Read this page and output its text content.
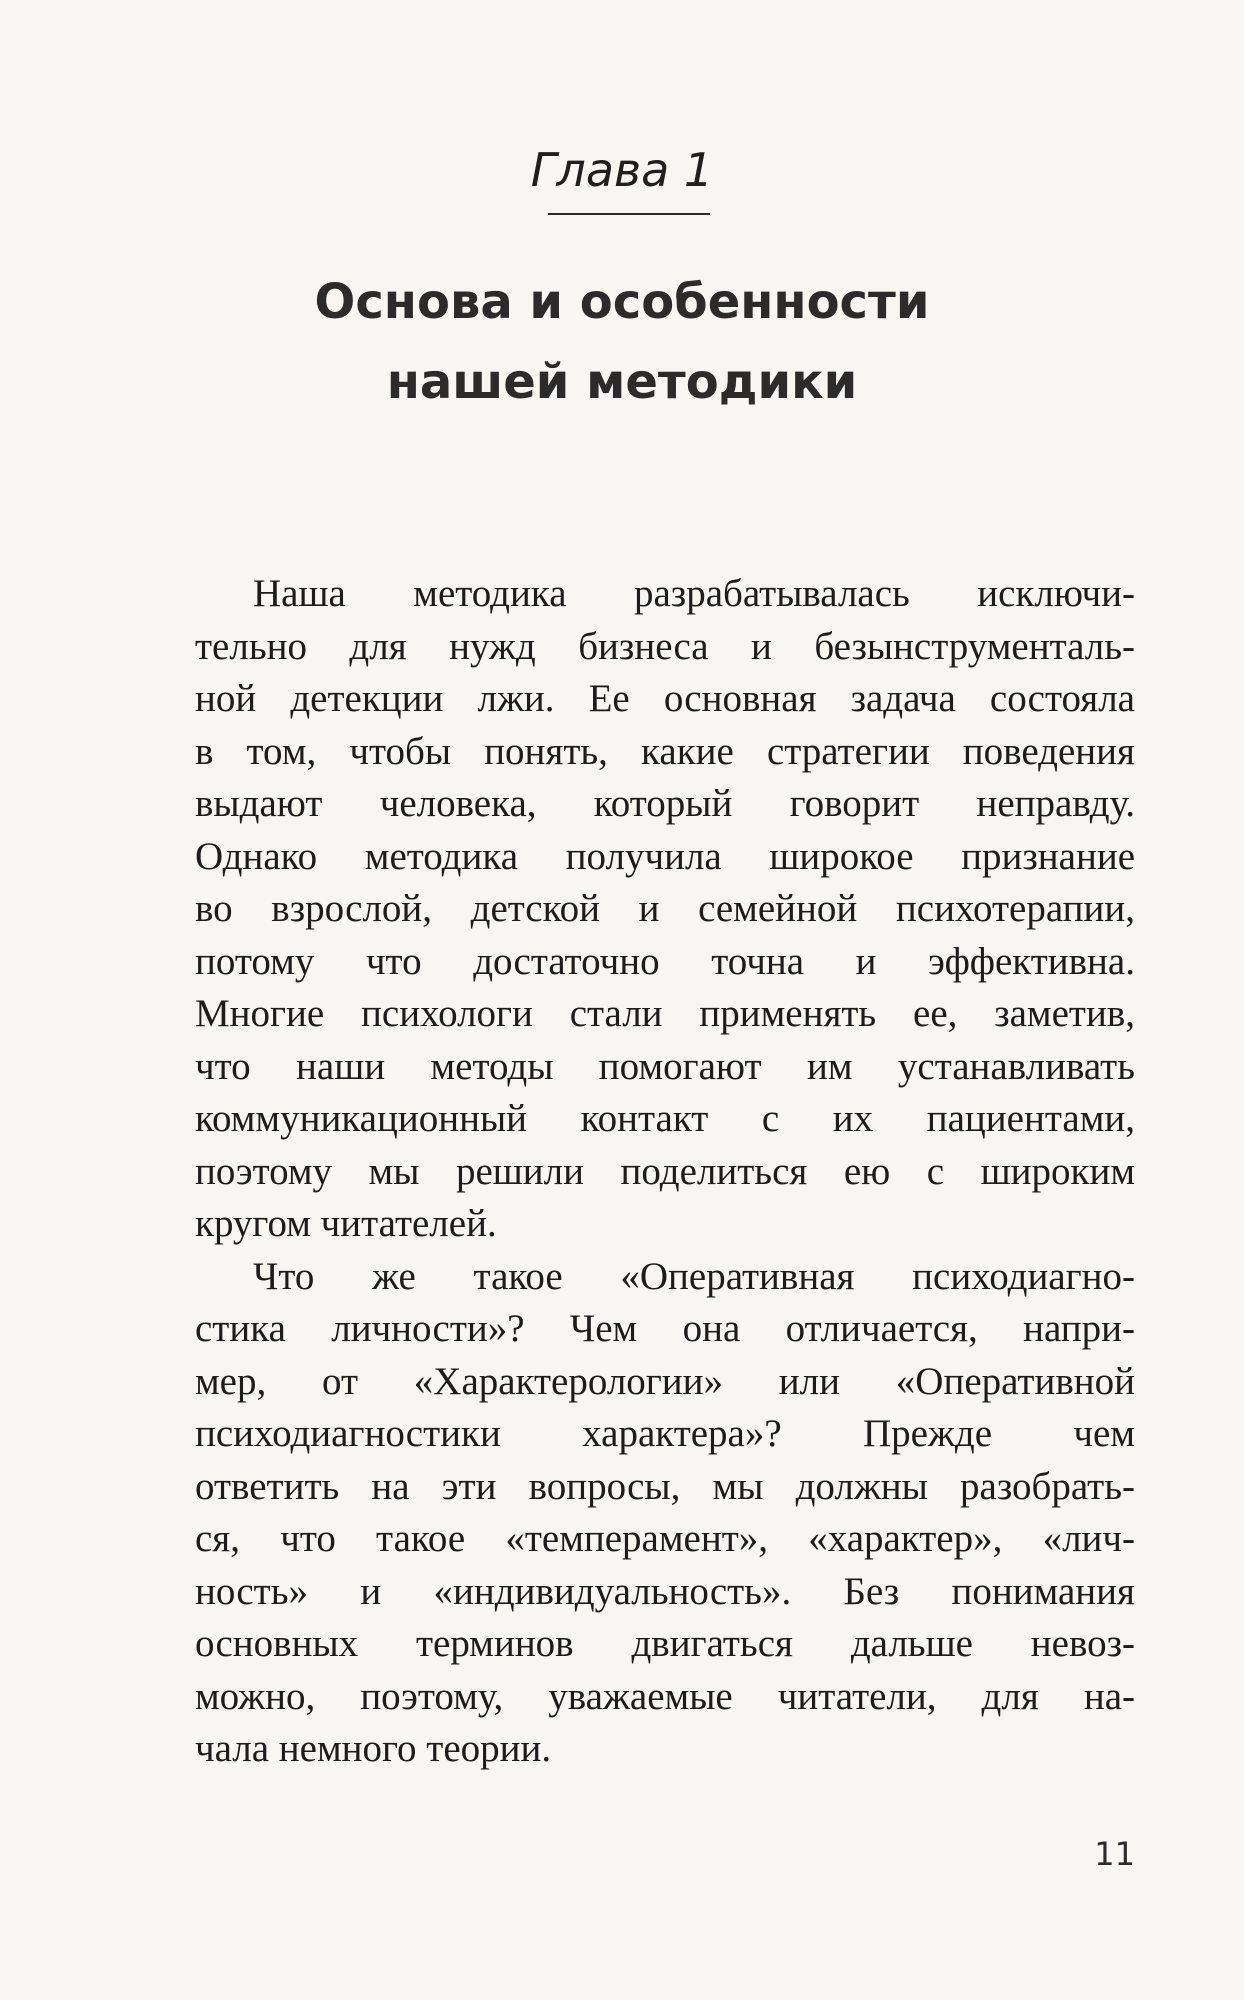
Глава 1
Основа и особенности
нашей методики
Наша методика разрабатывалась исключи-
тельно для нужд бизнеса и безынструменталь-
ной детекции лжи. Ее основная задача состояла
в том, чтобы понять, какие стратегии поведения
выдают человека, который говорит неправду.
Однако методика получила широкое признание
во взрослой, детской и семейной психотерапии,
потому что достаточно точна и эффективна.
Многие психологи стали применять ее, заметив,
что наши методы помогают им устанавливать
коммуникационный контакт с их пациентами,
поэтому мы решили поделиться ею с широким
кругом читателей.
Что же такое «Оперативная психодиагно-
стика личности»? Чем она отличается, напри-
мер, от «Характерологии» или «Оперативной
психодиагностики характера»? Прежде чем
ответить на эти вопросы, мы должны разобрать-
ся, что такое «темперамент», «характер», «лич-
ность» и «индивидуальность». Без понимания
основных терминов двигаться дальше невоз-
можно, поэтому, уважаемые читатели, для на-
чала немного теории.
11
